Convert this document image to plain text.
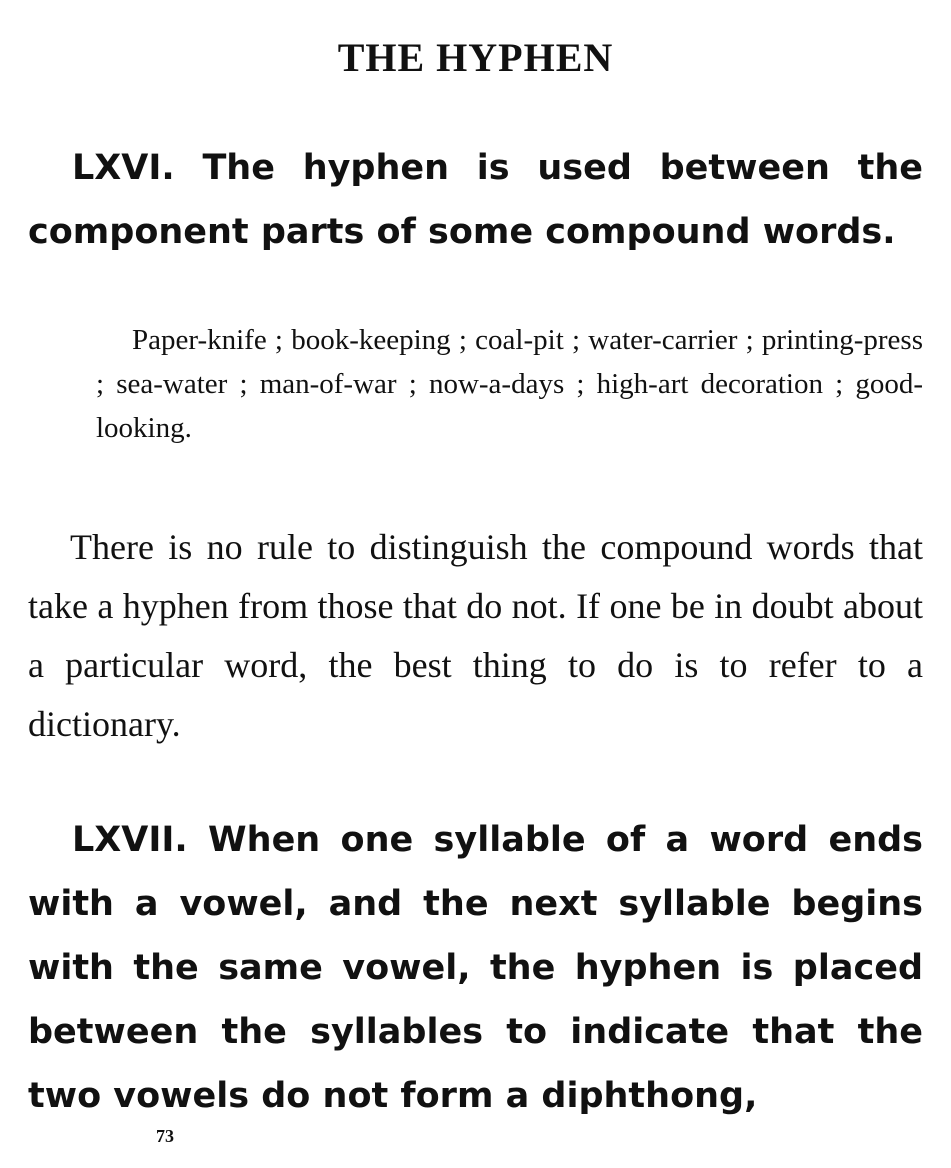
THE HYPHEN

LXVI. The hyphen is used between the component parts of some compound words.

Paper-knife ; book-keeping ; coal-pit ; water-carrier ; printing-press ; sea-water ; man-of-war ; now-a-days ; high-art decoration ; good-looking.

There is no rule to distinguish the compound words that take a hyphen from those that do not. If one be in doubt about a particular word, the best thing to do is to refer to a dictionary.

LXVII. When one syllable of a word ends with a vowel, and the next syllable begins with the same vowel, the hyphen is placed between the syllables to indicate that the two vowels do not form a diphthong,

73
